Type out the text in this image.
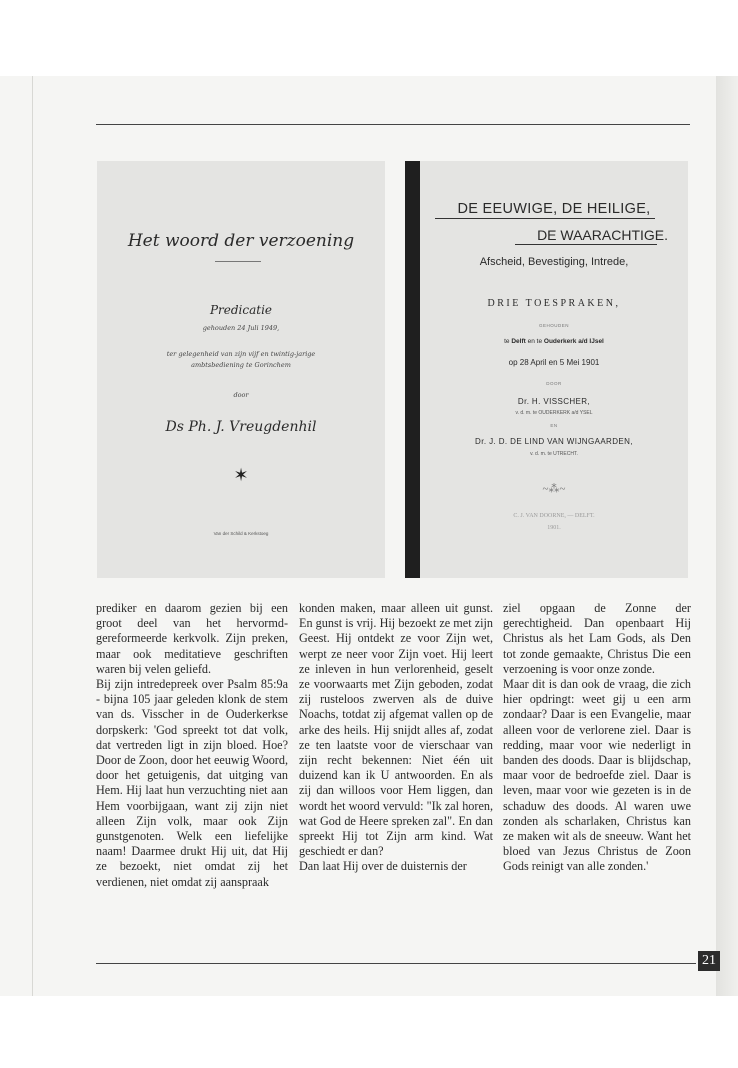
Het woord der verzoening
Predicatie
gehouden 24 Juli 1949,
ter gelegenheid van zijn vijf en twintig-jarige
ambtsbediening te Gorinchem
door
Ds Ph. J. Vreugdenhil
✶
Van der Schild & Kerkstoeg
DE EEUWIGE, DE HEILIGE,
DE WAARACHTIGE.
Afscheid, Bevestiging, Intrede,
DRIE TOESPRAKEN,
GEHOUDEN
te Delft en te Ouderkerk a/d IJsel
op 28 April en 5 Mei 1901
DOOR
Dr. H. VISSCHER,
v. d. m. te OUDERKERK a/d YSEL
EN
Dr. J. D. DE LIND VAN WIJNGAARDEN,
v. d. m. te UTRECHT.
~⁂~
C. J. VAN DOORNE, — DELFT.
1901.

prediker en daarom gezien bij een groot deel van het hervormd-gereformeerde kerkvolk. Zijn preken, maar ook meditatieve geschriften waren bij velen geliefd.

Bij zijn intredepreek over Psalm 85:9a - bijna 105 jaar geleden klonk de stem van ds. Visscher in de Ouderkerkse dorpskerk: 'God spreekt tot dat volk, dat vertreden ligt in zijn bloed. Hoe? Door de Zoon, door het eeuwig Woord, door het getuigenis, dat uitging van Hem. Hij laat hun verzuchting niet aan Hem voorbijgaan, want zij zijn niet alleen Zijn volk, maar ook Zijn gunstgenoten. Welk een liefelijke naam! Daarmee drukt Hij uit, dat Hij ze bezoekt, niet omdat zij het verdienen, niet omdat zij aanspraak

konden maken, maar alleen uit gunst. En gunst is vrij. Hij bezoekt ze met zijn Geest. Hij ontdekt ze voor Zijn wet, werpt ze neer voor Zijn voet. Hij leert ze inleven in hun verlorenheid, geselt ze voorwaarts met Zijn geboden, zodat zij rusteloos zwerven als de duive Noachs, totdat zij afgemat vallen op de arke des heils. Hij snijdt alles af, zodat ze ten laatste voor de vierschaar van zijn recht bekennen: Niet één uit duizend kan ik U antwoorden. En als zij dan willoos voor Hem liggen, dan wordt het woord vervuld: "Ik zal horen, wat God de Heere spreken zal". En dan spreekt Hij tot Zijn arm kind. Wat geschiedt er dan?

Dan laat Hij over de duisternis der

ziel opgaan de Zonne der gerechtigheid. Dan openbaart Hij Christus als het Lam Gods, als Den tot zonde gemaakte, Christus Die een verzoening is voor onze zonde.

Maar dit is dan ook de vraag, die zich hier opdringt: weet gij u een arm zondaar? Daar is een Evangelie, maar alleen voor de verlorene ziel. Daar is redding, maar voor wie nederligt in banden des doods. Daar is blijdschap, maar voor de bedroefde ziel. Daar is leven, maar voor wie gezeten is in de schaduw des doods. Al waren uwe zonden als scharlaken, Christus kan ze maken wit als de sneeuw. Want het bloed van Jezus Christus de Zoon Gods reinigt van alle zonden.'

21
